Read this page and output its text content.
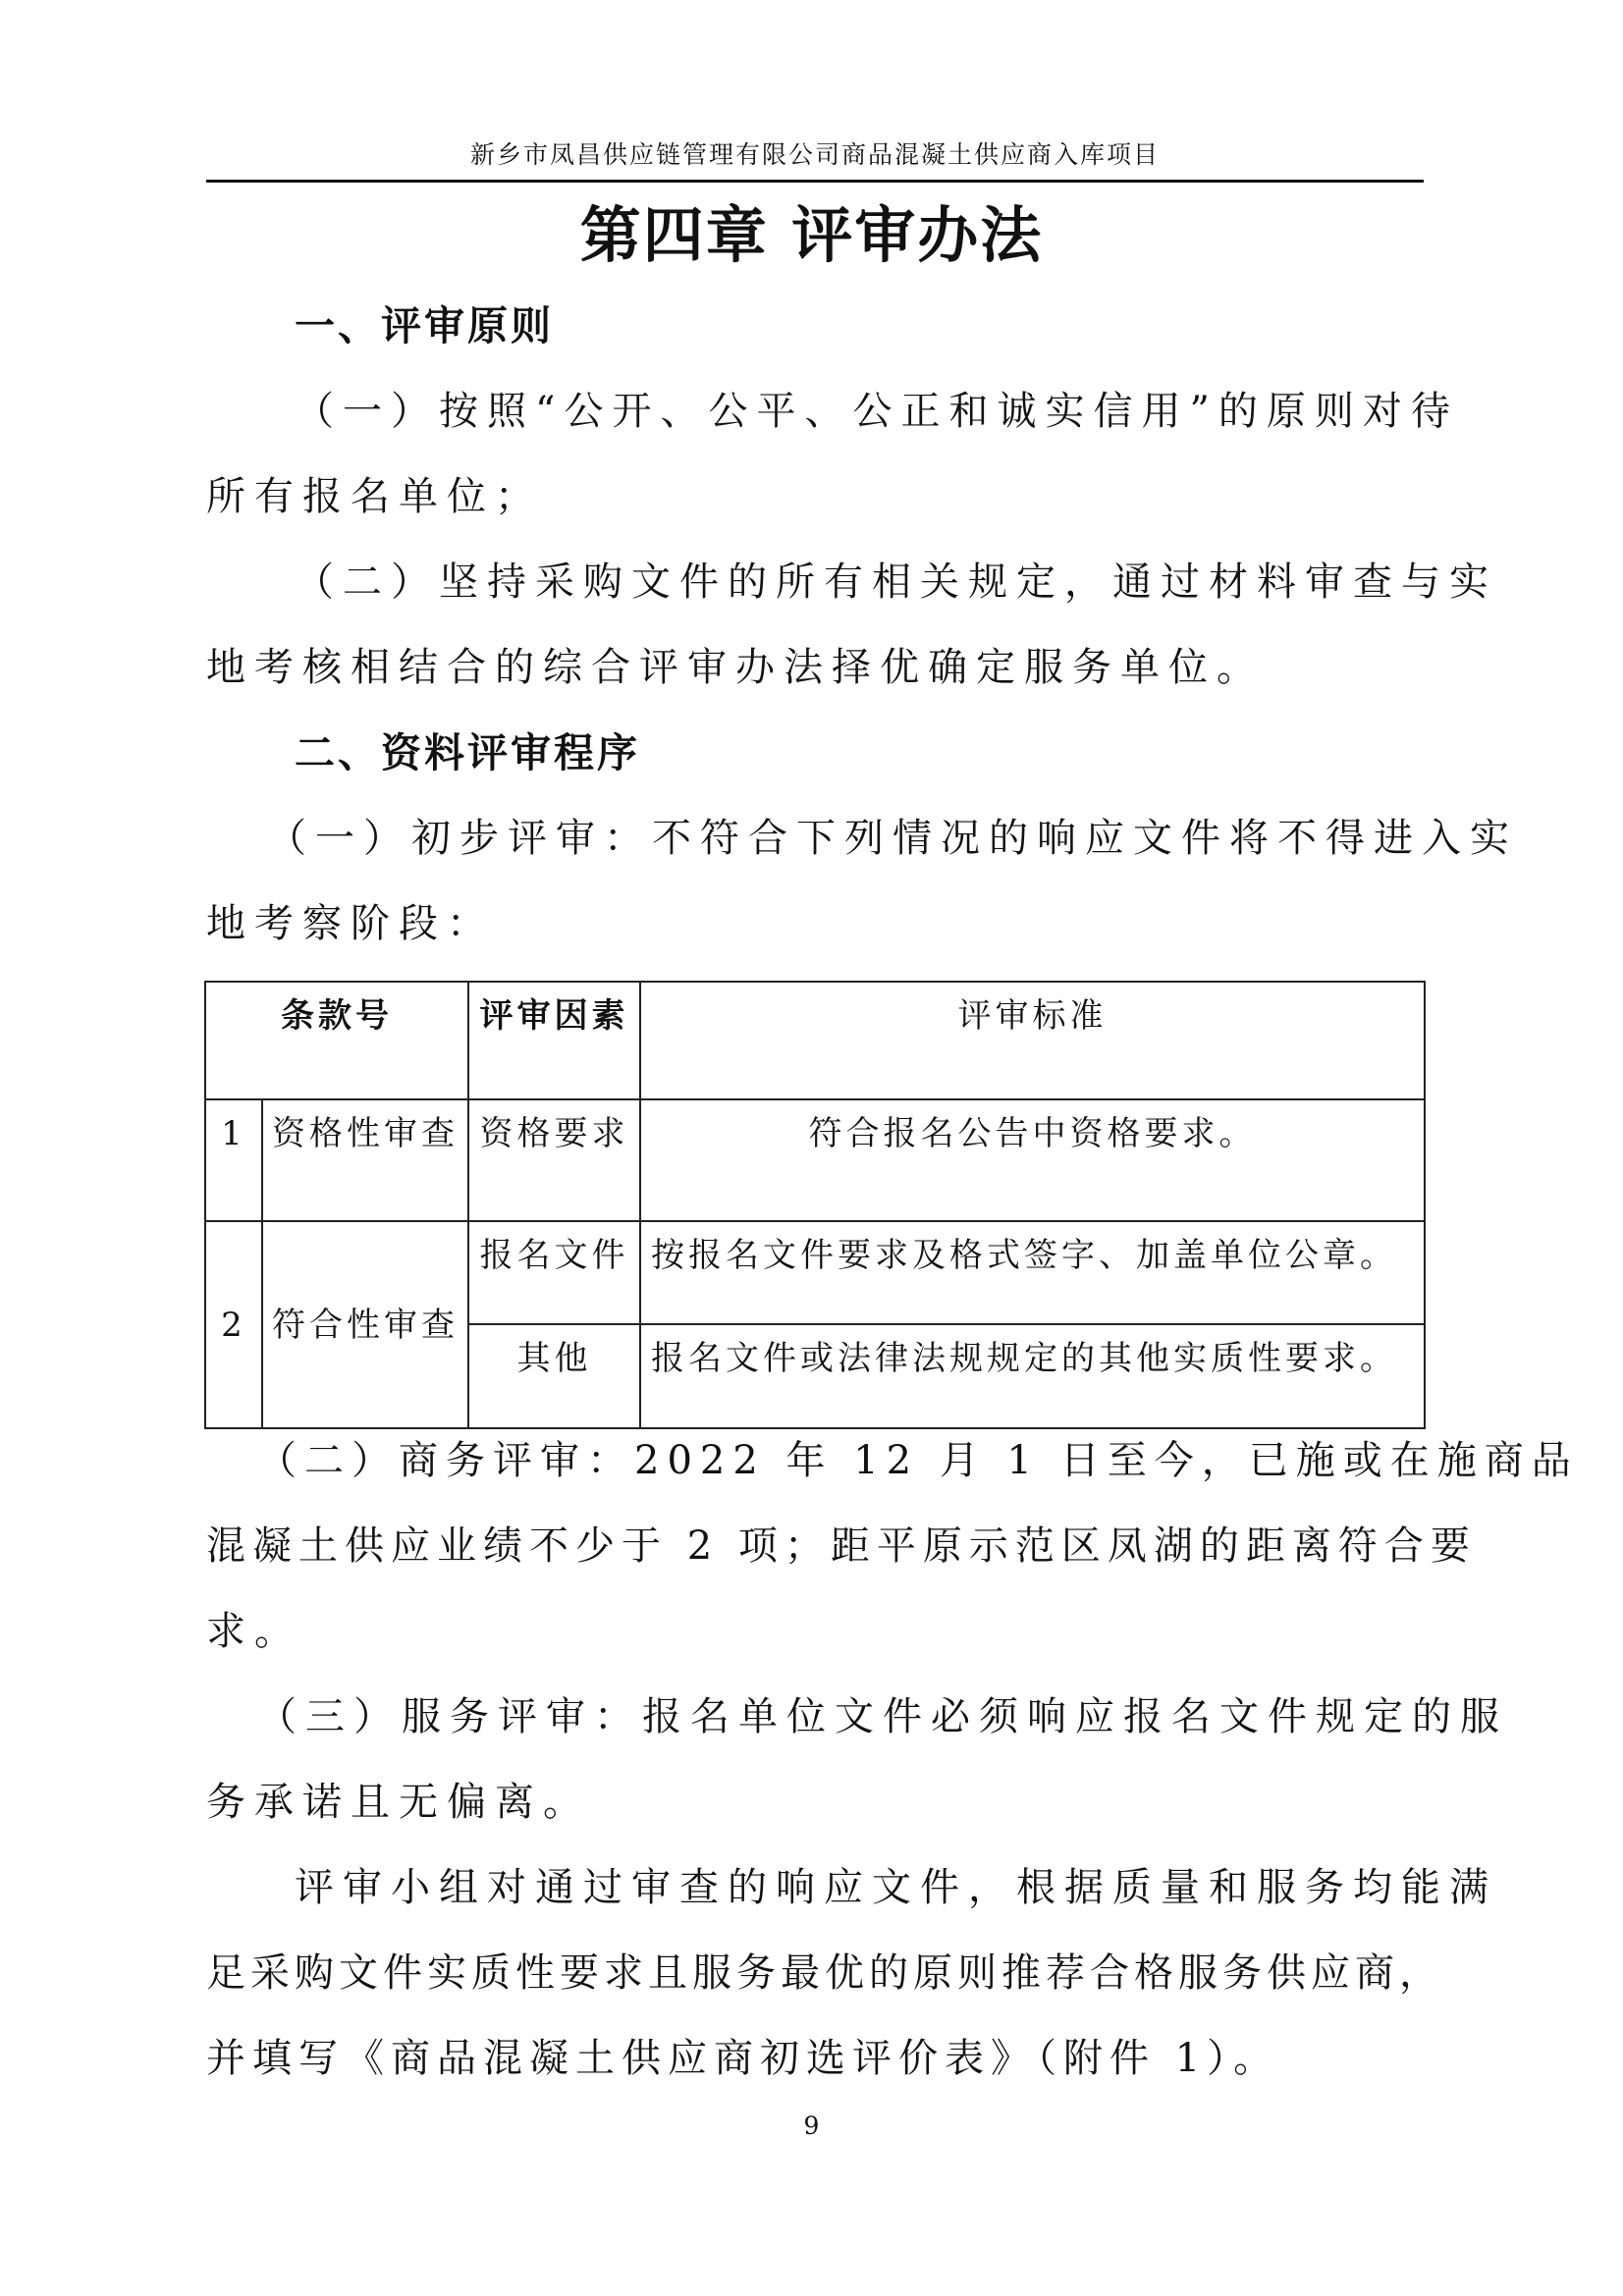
新乡市凤昌供应链管理有限公司商品混凝土供应商入库项目
第四章 评审办法
一、评审原则
（一）按照“公开、公平、公正和诚实信用”的原则对待
所有报名单位；
（二）坚持采购文件的所有相关规定，通过材料审查与实
地考核相结合的综合评审办法择优确定服务单位。
二、资料评审程序
（一）初步评审：不符合下列情况的响应文件将不得进入实
地考察阶段：
条款号		评审因素	评审标准
1	资格性审查	资格要求	符合报名公告中资格要求。
2	符合性审查	报名文件	按报名文件要求及格式签字、加盖单位公章。
		其他	报名文件或法律法规规定的其他实质性要求。
（二）商务评审：2022 年 12 月 1 日至今，已施或在施商品
混凝土供应业绩不少于 2 项；距平原示范区凤湖的距离符合要
求。
（三）服务评审：报名单位文件必须响应报名文件规定的服
务承诺且无偏离。
评审小组对通过审查的响应文件，根据质量和服务均能满
足采购文件实质性要求且服务最优的原则推荐合格服务供应商，
并填写《商品混凝土供应商初选评价表》（附件 1）。
9
